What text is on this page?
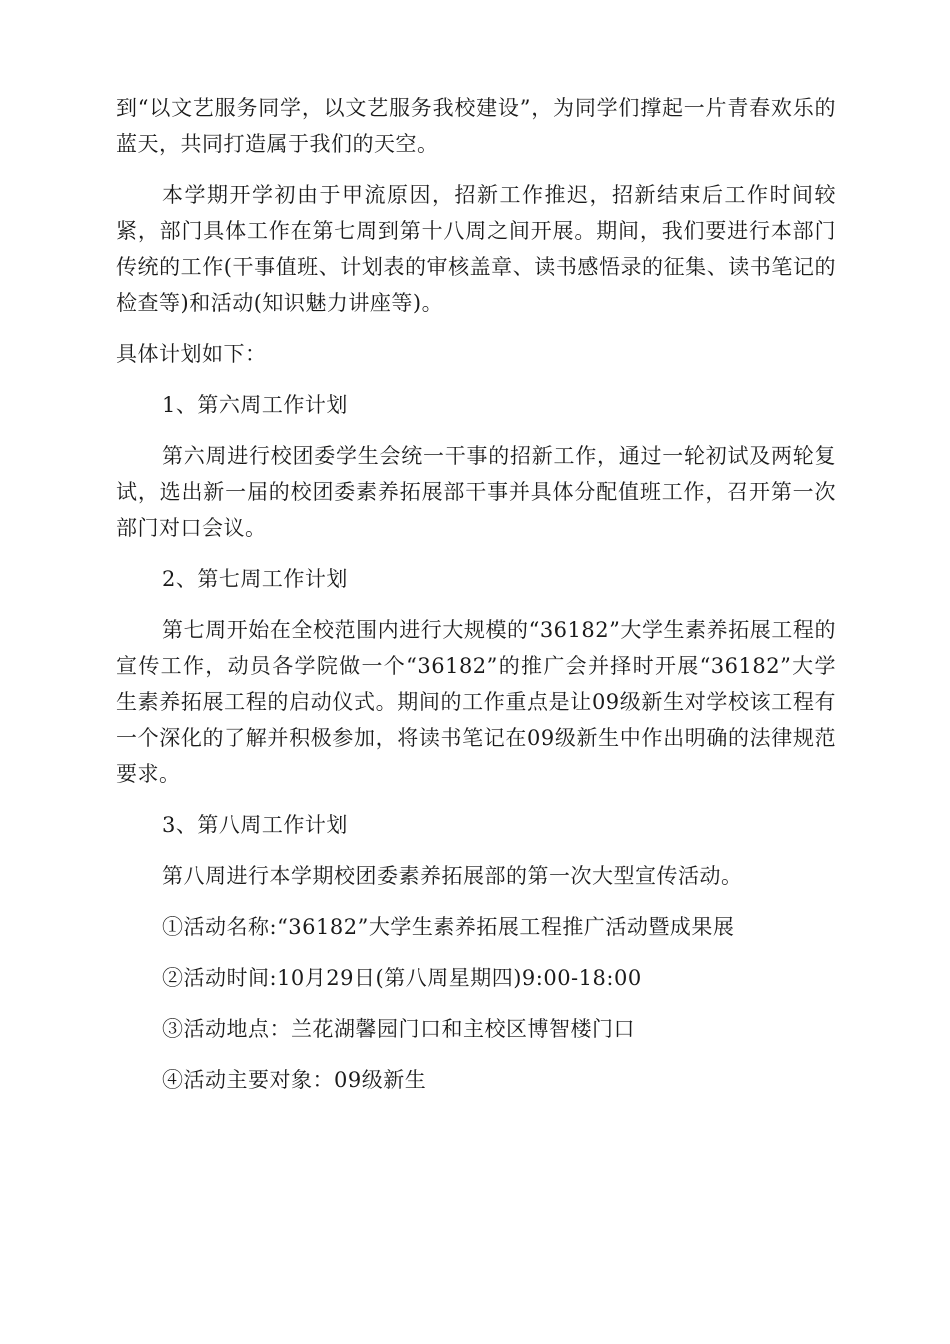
到“以文艺服务同学，以文艺服务我校建设”，为同学们撑起一片青春欢乐的蓝天，共同打造属于我们的天空。

本学期开学初由于甲流原因，招新工作推迟，招新结束后工作时间较紧，部门具体工作在第七周到第十八周之间开展。期间，我们要进行本部门传统的工作(干事值班、计划表的审核盖章、读书感悟录的征集、读书笔记的检查等)和活动(知识魅力讲座等)。

具体计划如下：

1、第六周工作计划

第六周进行校团委学生会统一干事的招新工作，通过一轮初试及两轮复试，选出新一届的校团委素养拓展部干事并具体分配值班工作，召开第一次部门对口会议。

2、第七周工作计划

第七周开始在全校范围内进行大规模的“36182”大学生素养拓展工程的宣传工作，动员各学院做一个“36182”的推广会并择时开展“36182”大学生素养拓展工程的启动仪式。期间的工作重点是让09级新生对学校该工程有一个深化的了解并积极参加，将读书笔记在09级新生中作出明确的法律规范要求。

3、第八周工作计划

第八周进行本学期校团委素养拓展部的第一次大型宣传活动。

①活动名称:“36182”大学生素养拓展工程推广活动暨成果展

②活动时间:10月29日(第八周星期四)9:00-18:00

③活动地点：兰花湖馨园门口和主校区博智楼门口

④活动主要对象：09级新生
